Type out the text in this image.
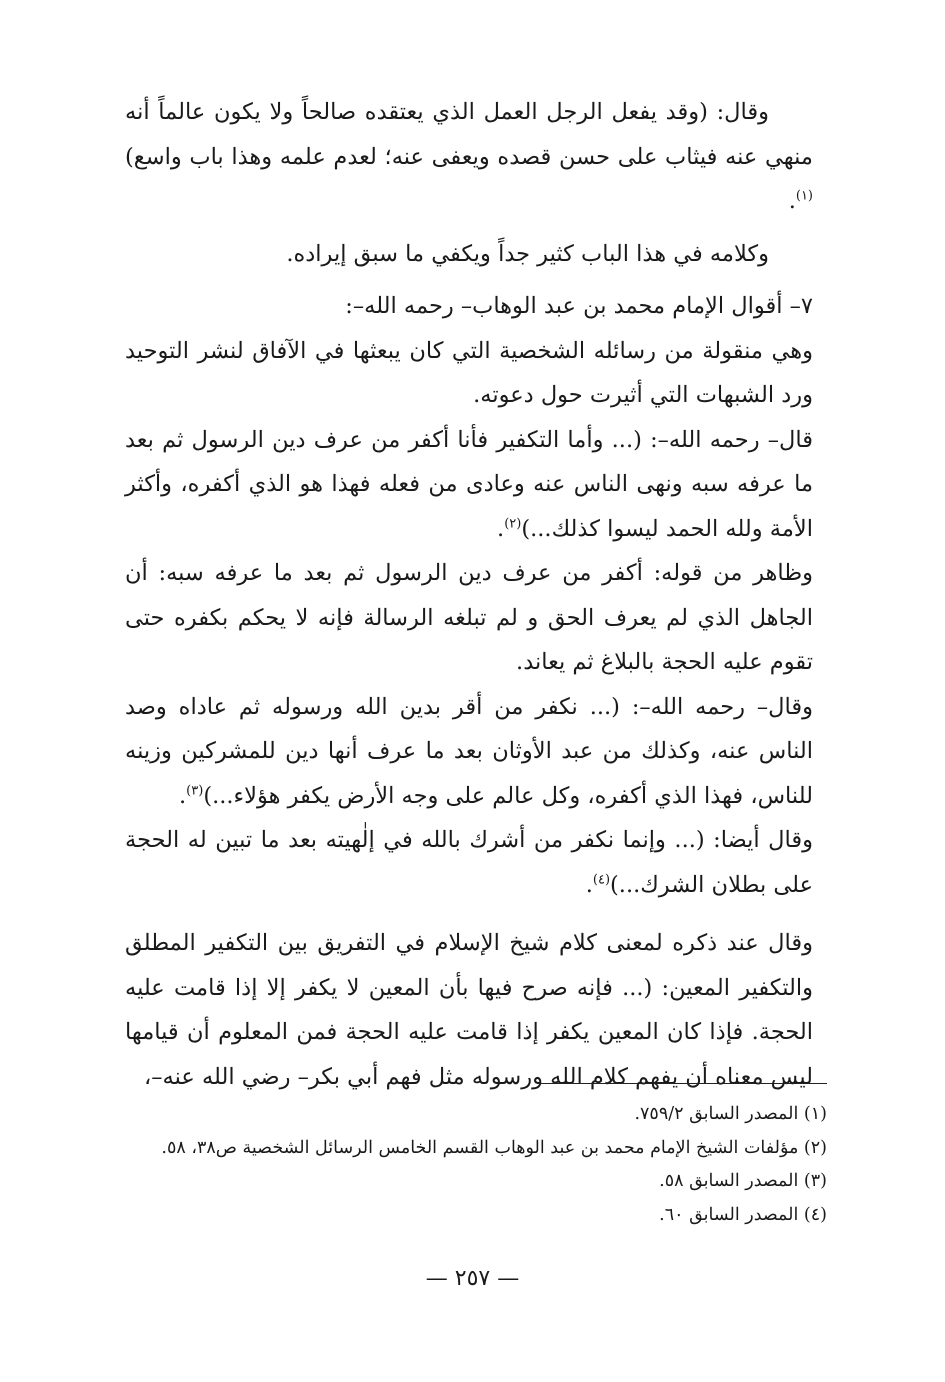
وقال: (وقد يفعل الرجل العمل الذي يعتقده صالحاً ولا يكون عالماً أنه منهي عنه فيثاب على حسن قصده ويعفى عنه؛ لعدم علمه وهذا باب واسع)$^{(١)}$.

وكلامه في هذا الباب كثير جداً ويكفي ما سبق إيراده.

٧– أقوال الإمام محمد بن عبد الوهاب– رحمه الله–:

وهي منقولة من رسائله الشخصية التي كان يبعثها في الآفاق لنشر التوحيد ورد الشبهات التي أثيرت حول دعوته.

قال– رحمه الله–: (... وأما التكفير فأنا أكفر من عرف دين الرسول ثم بعد ما عرفه سبه ونهى الناس عنه وعادى من فعله فهذا هو الذي أكفره، وأكثر الأمة ولله الحمد ليسوا كذلك...)$^{(٢)}$.

وظاهر من قوله: أكفر من عرف دين الرسول ثم بعد ما عرفه سبه: أن الجاهل الذي لم يعرف الحق و لم تبلغه الرسالة فإنه لا يحكم بكفره حتى تقوم عليه الحجة بالبلاغ ثم يعاند.

وقال– رحمه الله–: (... نكفر من أقر بدين الله ورسوله ثم عاداه وصد الناس عنه، وكذلك من عبد الأوثان بعد ما عرف أنها دين للمشركين وزينه للناس، فهذا الذي أكفره، وكل عالم على وجه الأرض يكفر هؤلاء...)$^{(٣)}$.

وقال أيضا: (... وإنما نكفر من أشرك بالله في إلٰهيته بعد ما تبين له الحجة على بطلان الشرك...)$^{(٤)}$.

وقال عند ذكره لمعنى كلام شيخ الإسلام في التفريق بين التكفير المطلق والتكفير المعين: (... فإنه صرح فيها بأن المعين لا يكفر إلا إذا قامت عليه الحجة. فإذا كان المعين يكفر إذا قامت عليه الحجة فمن المعلوم أن قيامها ليس معناه أن يفهم كلام الله ورسوله مثل فهم أبي بكر– رضي الله عنه–،

(١) المصدر السابق ٧٥٩/٢.

(٢) مؤلفات الشيخ الإمام محمد بن عبد الوهاب القسم الخامس الرسائل الشخصية ص٣٨، ٥٨.

(٣) المصدر السابق ٥٨.

(٤) المصدر السابق ٦٠.

— ٢٥٧ —
